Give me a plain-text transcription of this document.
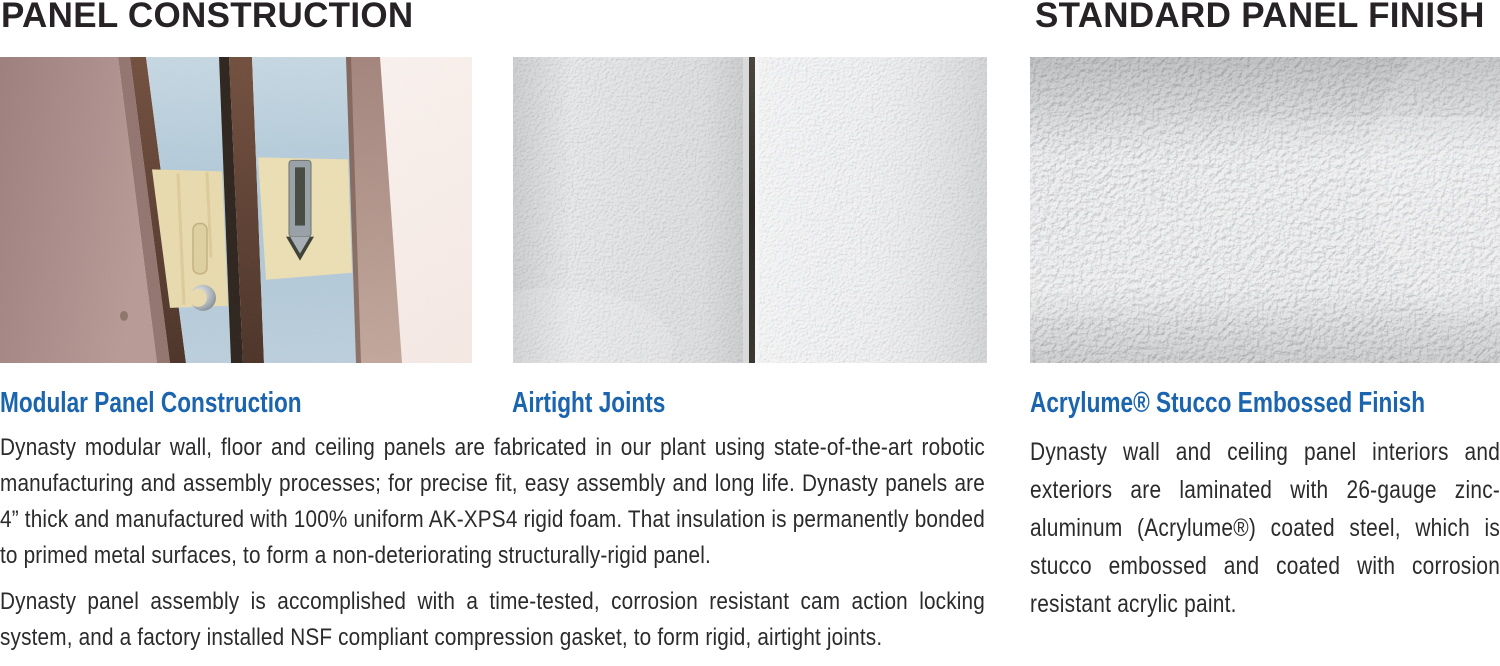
PANEL CONSTRUCTION	STANDARD PANEL FINISH
Modular Panel Construction	Airtight Joints	Acrylume® Stucco Embossed Finish

Dynasty modular wall, floor and ceiling panels are fabricated in our plant using state-of-the-art robotic manufacturing and assembly processes; for precise fit, easy assembly and long life. Dynasty panels are 4” thick and manufactured with 100% uniform AK-XPS4 rigid foam. That insulation is permanently bonded to primed metal surfaces, to form a non-deteriorating structurally-rigid panel.

Dynasty panel assembly is accomplished with a time-tested, corrosion resistant cam action locking system, and a factory installed NSF compliant compression gasket, to form rigid, airtight joints.

Dynasty wall and ceiling panel interiors and exteriors are laminated with 26-gauge zinc-aluminum (Acrylume®) coated steel, which is stucco embossed and coated with corrosion resistant acrylic paint.
